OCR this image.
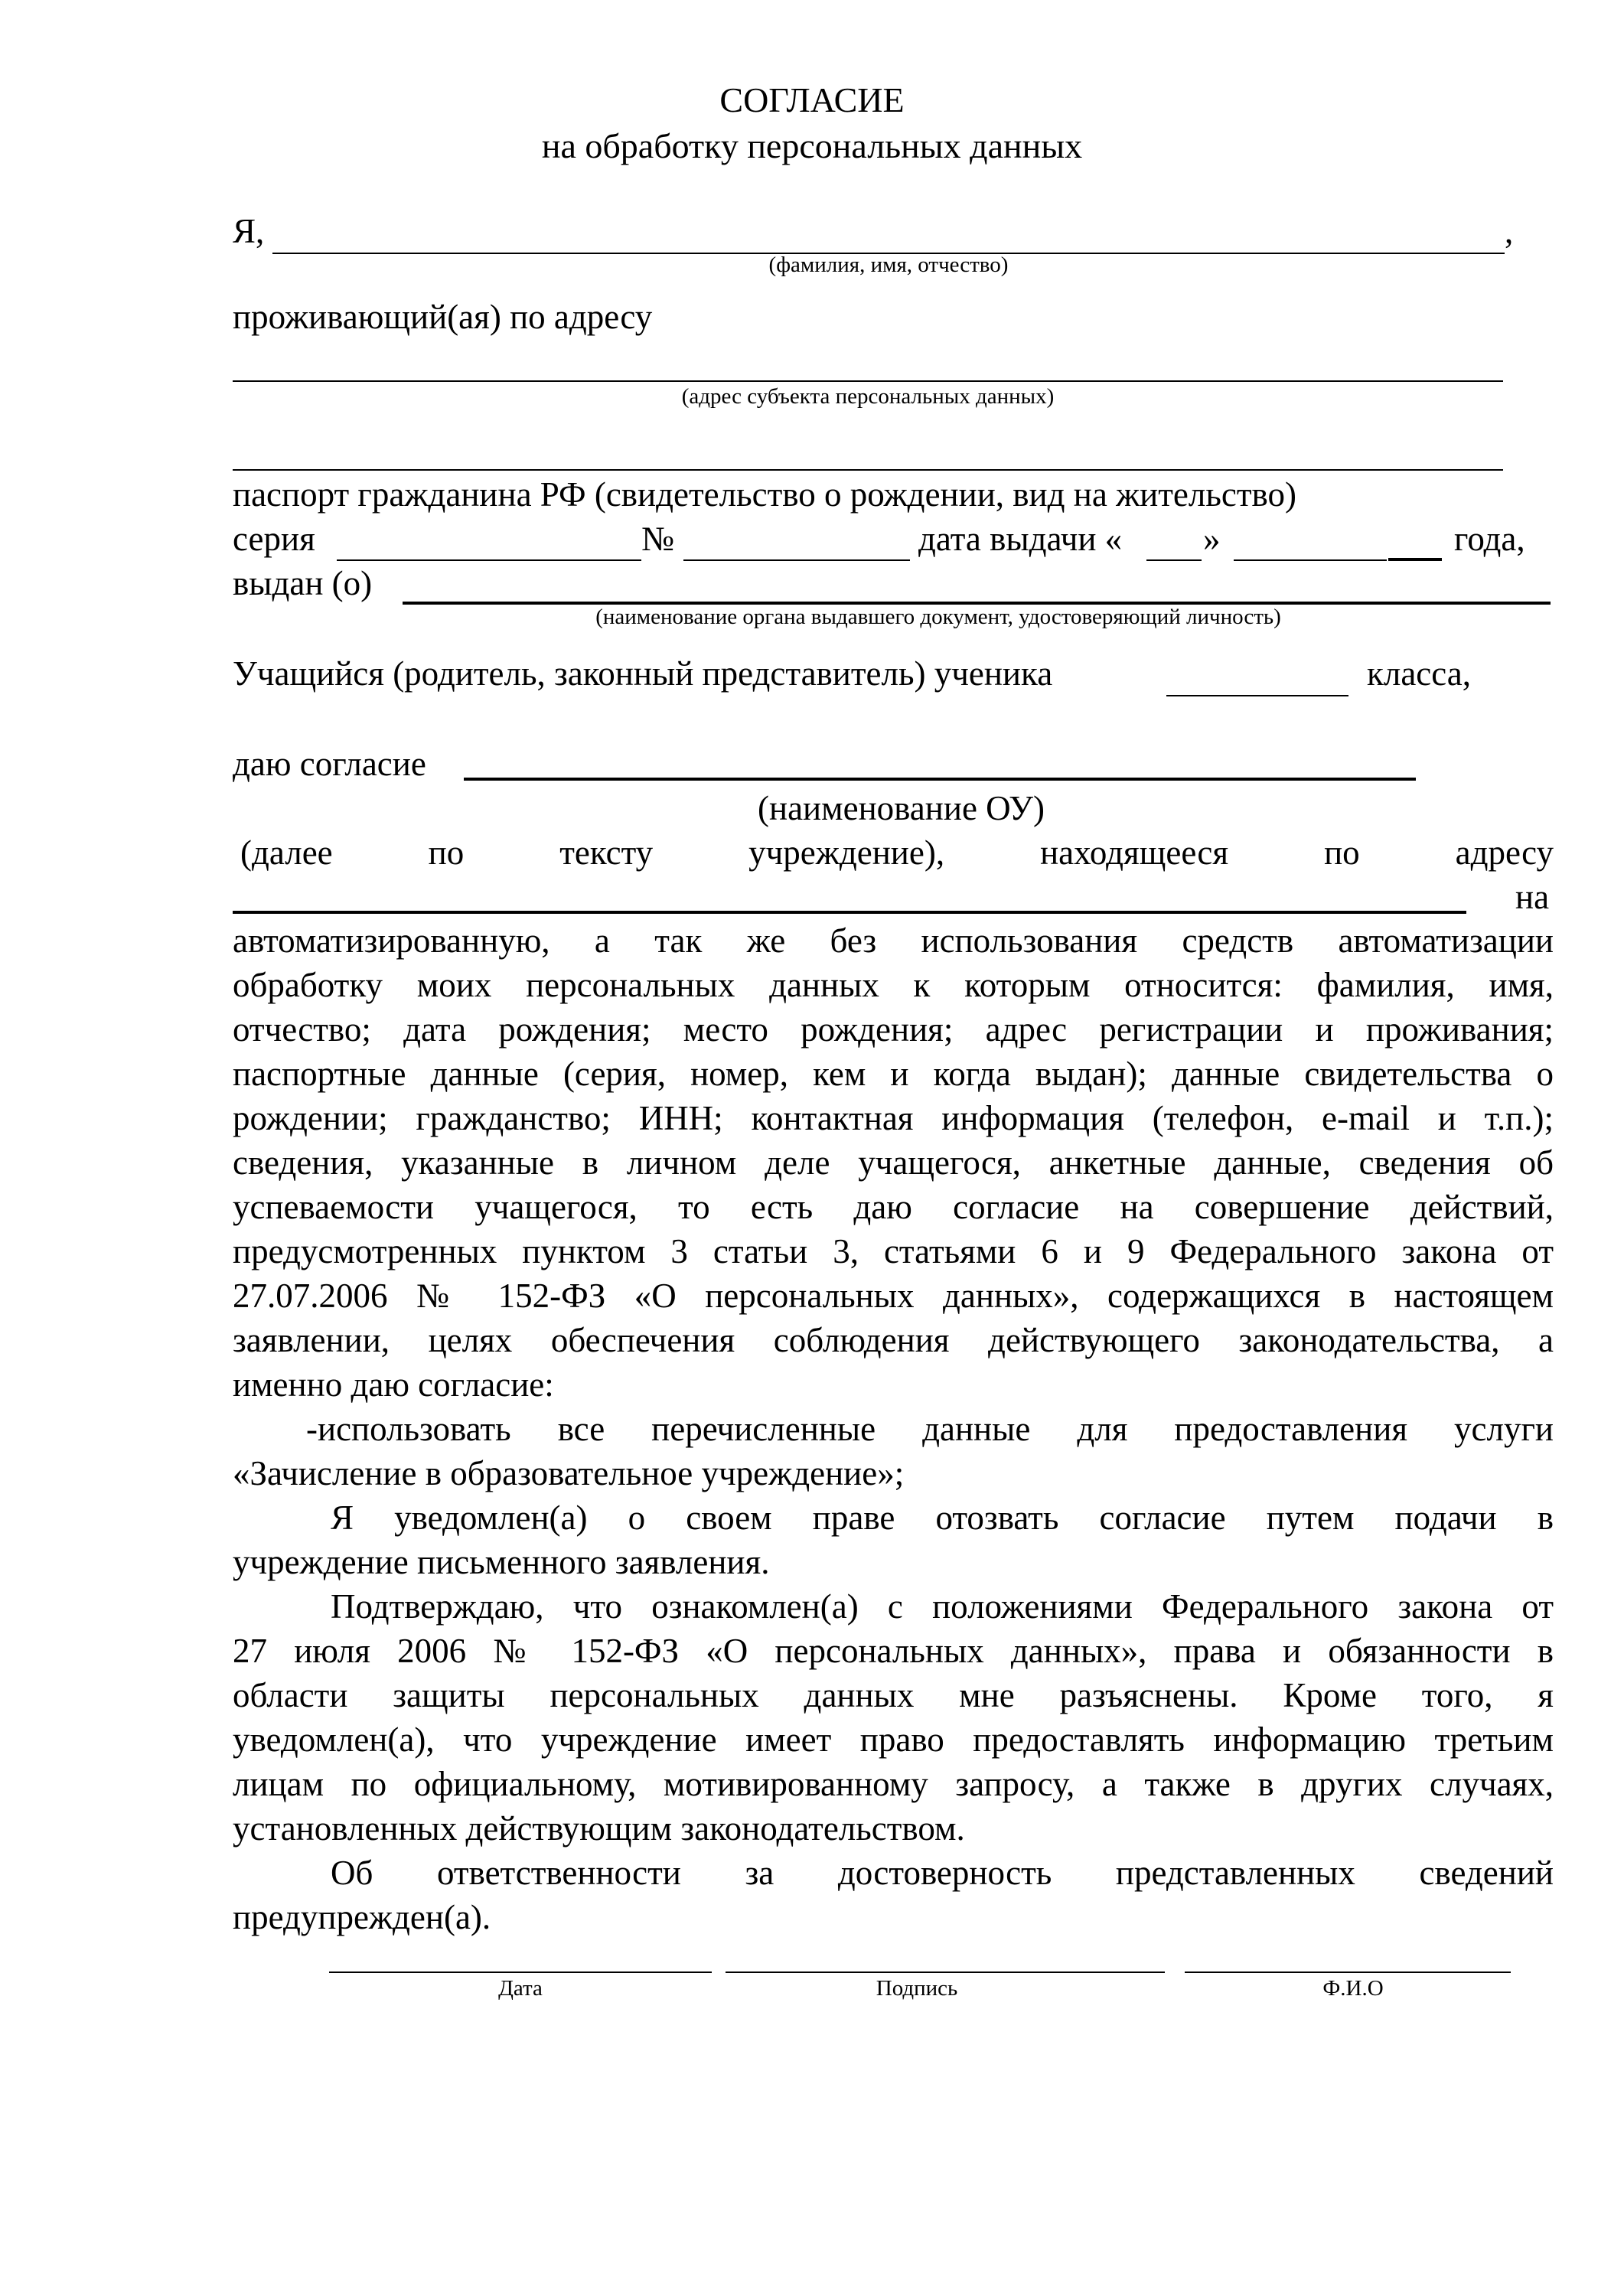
СОГЛАСИЕ
на обработку персональных данных
Я,	,
(фамилия, имя, отчество)
проживающий(ая) по адресу
(адрес субъекта персональных данных)
паспорт гражданина РФ (свидетельство о рождении, вид на жительство)
серия	№	дата выдачи « »	года,
выдан (о)
(наименование органа выдавшего документ, удостоверяющий личность)
Учащийся (родитель, законный представитель) ученика	класса,
даю согласие
(наименование ОУ)
(далее	по	тексту	учреждение),	находящееся	по	адресу
на
автоматизированную, а так же без использования средств автоматизации
обработку моих персональных данных к которым относится: фамилия, имя,
отчество; дата рождения; место рождения; адрес регистрации и проживания;
паспортные данные (серия, номер, кем и когда выдан); данные свидетельства о
рождении; гражданство; ИНН; контактная информация (телефон, e-mail и т.п.);
сведения, указанные в личном деле учащегося, анкетные данные, сведения об
успеваемости учащегося, то есть даю согласие на совершение действий,
предусмотренных пунктом 3 статьи 3, статьями 6 и 9 Федерального закона от
27.07.2006 № 152-ФЗ «О персональных данных», содержащихся в настоящем
заявлении, целях обеспечения соблюдения действующего законодательства, а
именно даю согласие:
-использовать все перечисленные данные для предоставления услуги
«Зачисление в образовательное учреждение»;
Я уведомлен(а) о своем праве отозвать согласие путем подачи в
учреждение письменного заявления.
Подтверждаю, что ознакомлен(а) с положениями Федерального закона от
27 июля 2006 № 152-ФЗ «О персональных данных», права и обязанности в
области защиты персональных данных мне разъяснены. Кроме того, я
уведомлен(а), что учреждение имеет право предоставлять информацию третьим
лицам по официальному, мотивированному запросу, а также в других случаях,
установленных действующим законодательством.
Об ответственности за достоверность представленных сведений
предупрежден(а).
Дата	Подпись	Ф.И.О
